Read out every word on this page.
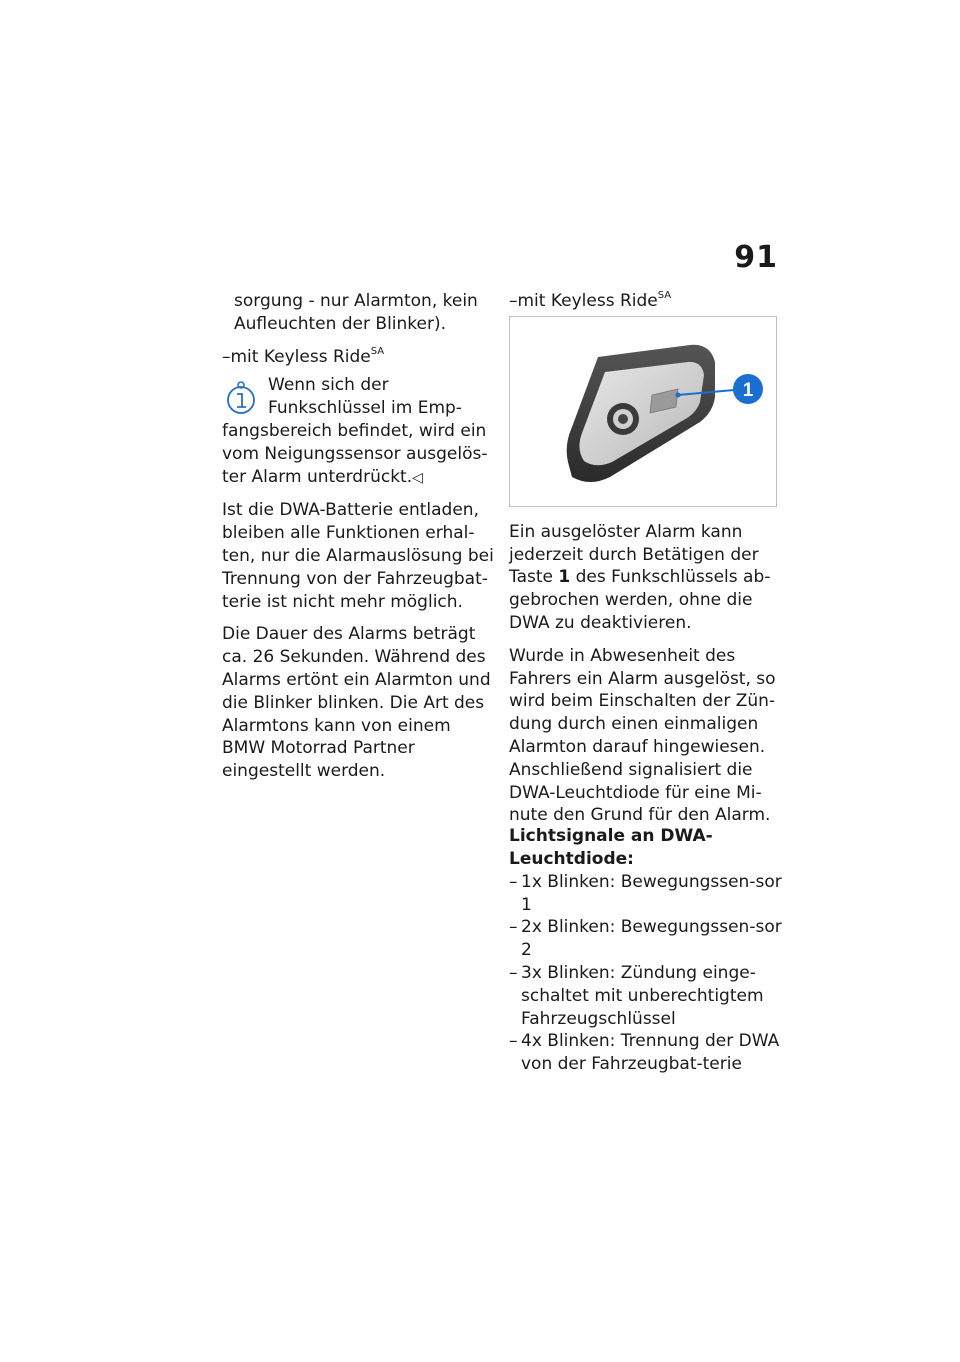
91

sorgung - nur Alarmton, kein Aufleuchten der Blinker).

–mit Keyless Ride$^{SA}$

Wenn sich der Funkschlüssel im Emp-

fangsbereich befindet, wird ein vom Neigungssensor ausgelös-ter Alarm unterdrückt.◁

Ist die DWA-Batterie entladen, bleiben alle Funktionen erhal-ten, nur die Alarmauslösung bei Trennung von der Fahrzeugbat-terie ist nicht mehr möglich.

Die Dauer des Alarms beträgt ca. 26 Sekunden. Während des Alarms ertönt ein Alarmton und die Blinker blinken. Die Art des Alarmtons kann von einem BMW Motorrad Partner eingestellt werden.

–mit Keyless Ride$^{SA}$

1

Ein ausgelöster Alarm kann jederzeit durch Betätigen der Taste 1 des Funkschlüssels ab-gebrochen werden, ohne die DWA zu deaktivieren.

Wurde in Abwesenheit des Fahrers ein Alarm ausgelöst, so wird beim Einschalten der Zün-dung durch einen einmaligen Alarmton darauf hingewiesen. Anschließend signalisiert die DWA-Leuchtdiode für eine Mi-nute den Grund für den Alarm.

Lichtsignale an DWA-Leuchtdiode:

– 1x Blinken: Bewegungssen-sor 1

– 2x Blinken: Bewegungssen-sor 2

– 3x Blinken: Zündung einge-schaltet mit unberechtigtem Fahrzeugschlüssel

– 4x Blinken: Trennung der DWA von der Fahrzeugbat-terie
